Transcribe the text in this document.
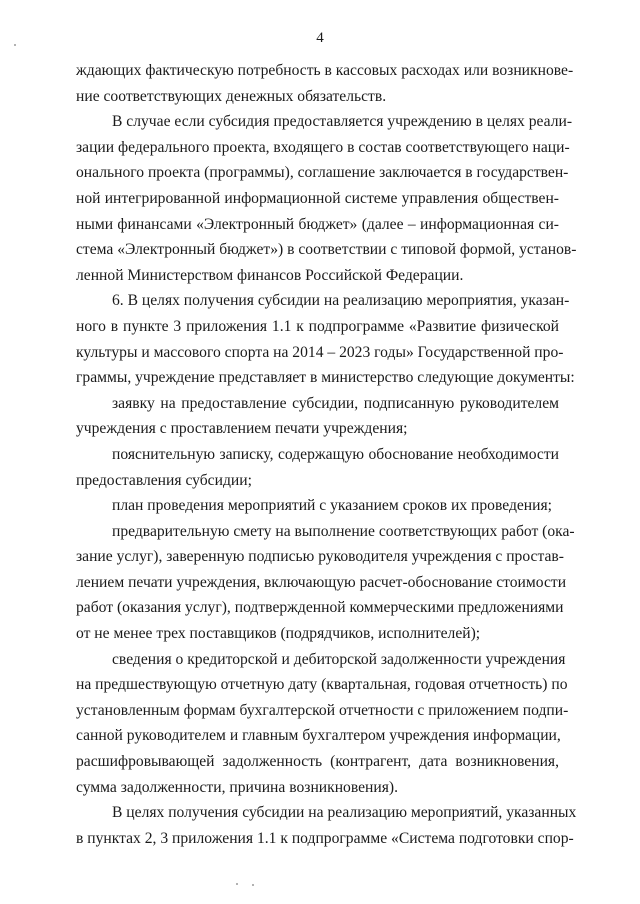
4
ждающих фактическую потребность в кассовых расходах или возникнове-
ние соответствующих денежных обязательств.
В случае если субсидия предоставляется учреждению в целях реали-
зации федерального проекта, входящего в состав соответствующего наци-
онального проекта (программы), соглашение заключается в государствен-
ной интегрированной информационной системе управления обществен-
ными финансами «Электронный бюджет» (далее – информационная си-
стема «Электронный бюджет») в соответствии с типовой формой, установ-
ленной Министерством финансов Российской Федерации.
6. В целях получения субсидии на реализацию мероприятия, указан-
ного в пункте 3 приложения 1.1 к подпрограмме «Развитие физической
культуры и массового спорта на 2014 – 2023 годы» Государственной про-
граммы, учреждение представляет в министерство следующие документы:
заявку на предоставление субсидии, подписанную руководителем
учреждения с проставлением печати учреждения;
пояснительную записку, содержащую обоснование необходимости
предоставления субсидии;
план проведения мероприятий с указанием сроков их проведения;
предварительную смету на выполнение соответствующих работ (ока-
зание услуг), заверенную подписью руководителя учреждения с простав-
лением печати учреждения, включающую расчет-обоснование стоимости
работ (оказания услуг), подтвержденной коммерческими предложениями
от не менее трех поставщиков (подрядчиков, исполнителей);
сведения о кредиторской и дебиторской задолженности учреждения
на предшествующую отчетную дату (квартальная, годовая отчетность) по
установленным формам бухгалтерской отчетности с приложением подпи-
санной руководителем и главным бухгалтером учреждения информации,
расшифровывающей задолженность (контрагент, дата возникновения,
сумма задолженности, причина возникновения).
В целях получения субсидии на реализацию мероприятий, указанных
в пунктах 2, 3 приложения 1.1 к подпрограмме «Система подготовки спор-
